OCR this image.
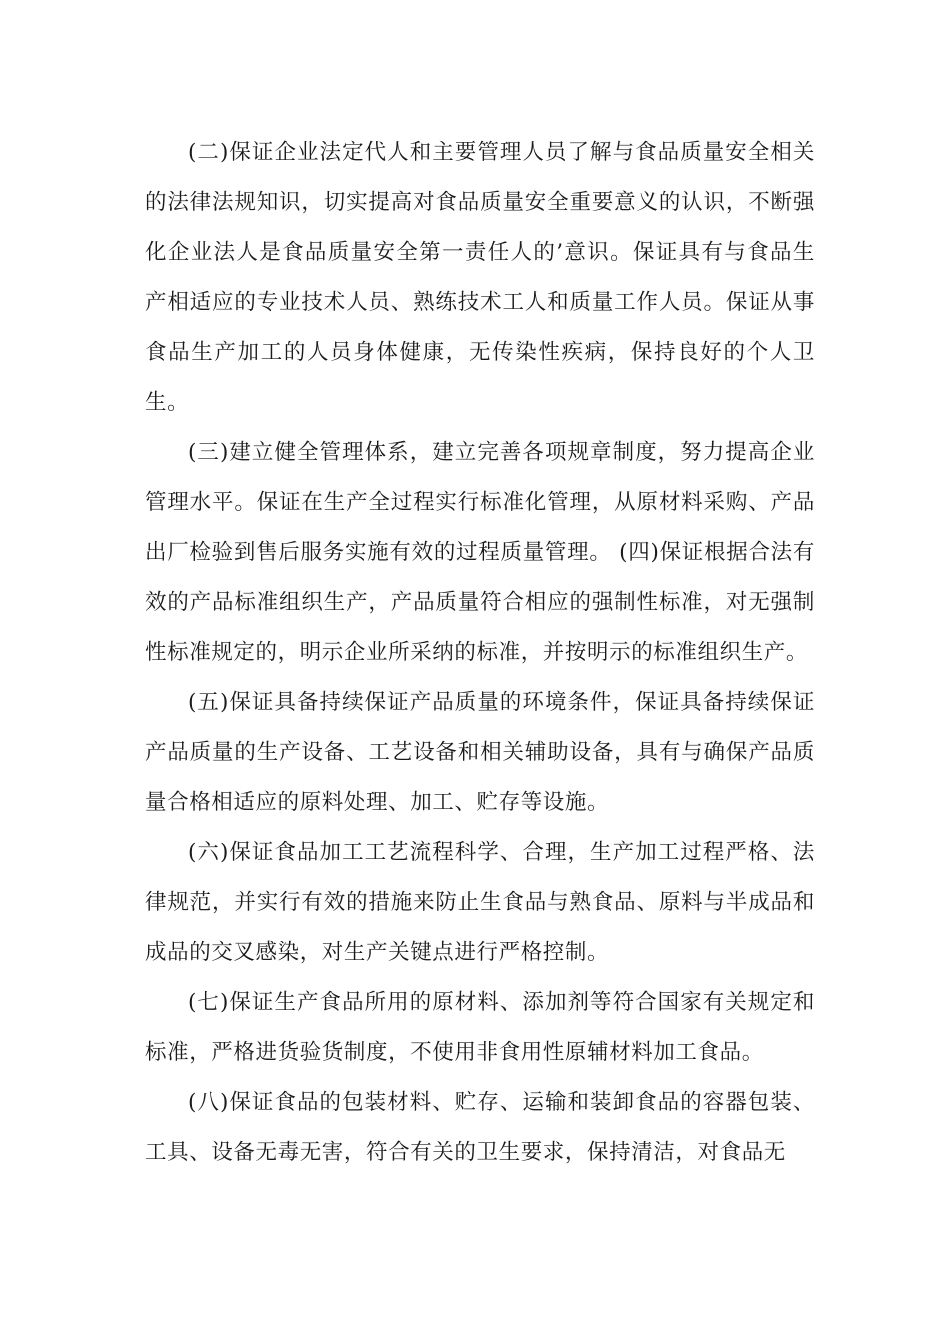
(二)保证企业法定代人和主要管理人员了解与食品质量安全相关的法律法规知识，切实提高对食品质量安全重要意义的认识，不断强化企业法人是食品质量安全第一责任人的’意识。保证具有与食品生产相适应的专业技术人员、熟练技术工人和质量工作人员。保证从事食品生产加工的人员身体健康，无传染性疾病，保持良好的个人卫生。

(三)建立健全管理体系，建立完善各项规章制度，努力提高企业管理水平。保证在生产全过程实行标准化管理，从原材料采购、产品出厂检验到售后服务实施有效的过程质量管理。 (四)保证根据合法有效的产品标准组织生产，产品质量符合相应的强制性标准，对无强制性标准规定的，明示企业所采纳的标准，并按明示的标准组织生产。

(五)保证具备持续保证产品质量的环境条件，保证具备持续保证产品质量的生产设备、工艺设备和相关辅助设备，具有与确保产品质量合格相适应的原料处理、加工、贮存等设施。

(六)保证食品加工工艺流程科学、合理，生产加工过程严格、法律规范，并实行有效的措施来防止生食品与熟食品、原料与半成品和成品的交叉感染，对生产关键点进行严格控制。

(七)保证生产食品所用的原材料、添加剂等符合国家有关规定和标准，严格进货验货制度，不使用非食用性原辅材料加工食品。

(八)保证食品的包装材料、贮存、运输和装卸食品的容器包装、工具、设备无毒无害，符合有关的卫生要求，保持清洁，对食品无
